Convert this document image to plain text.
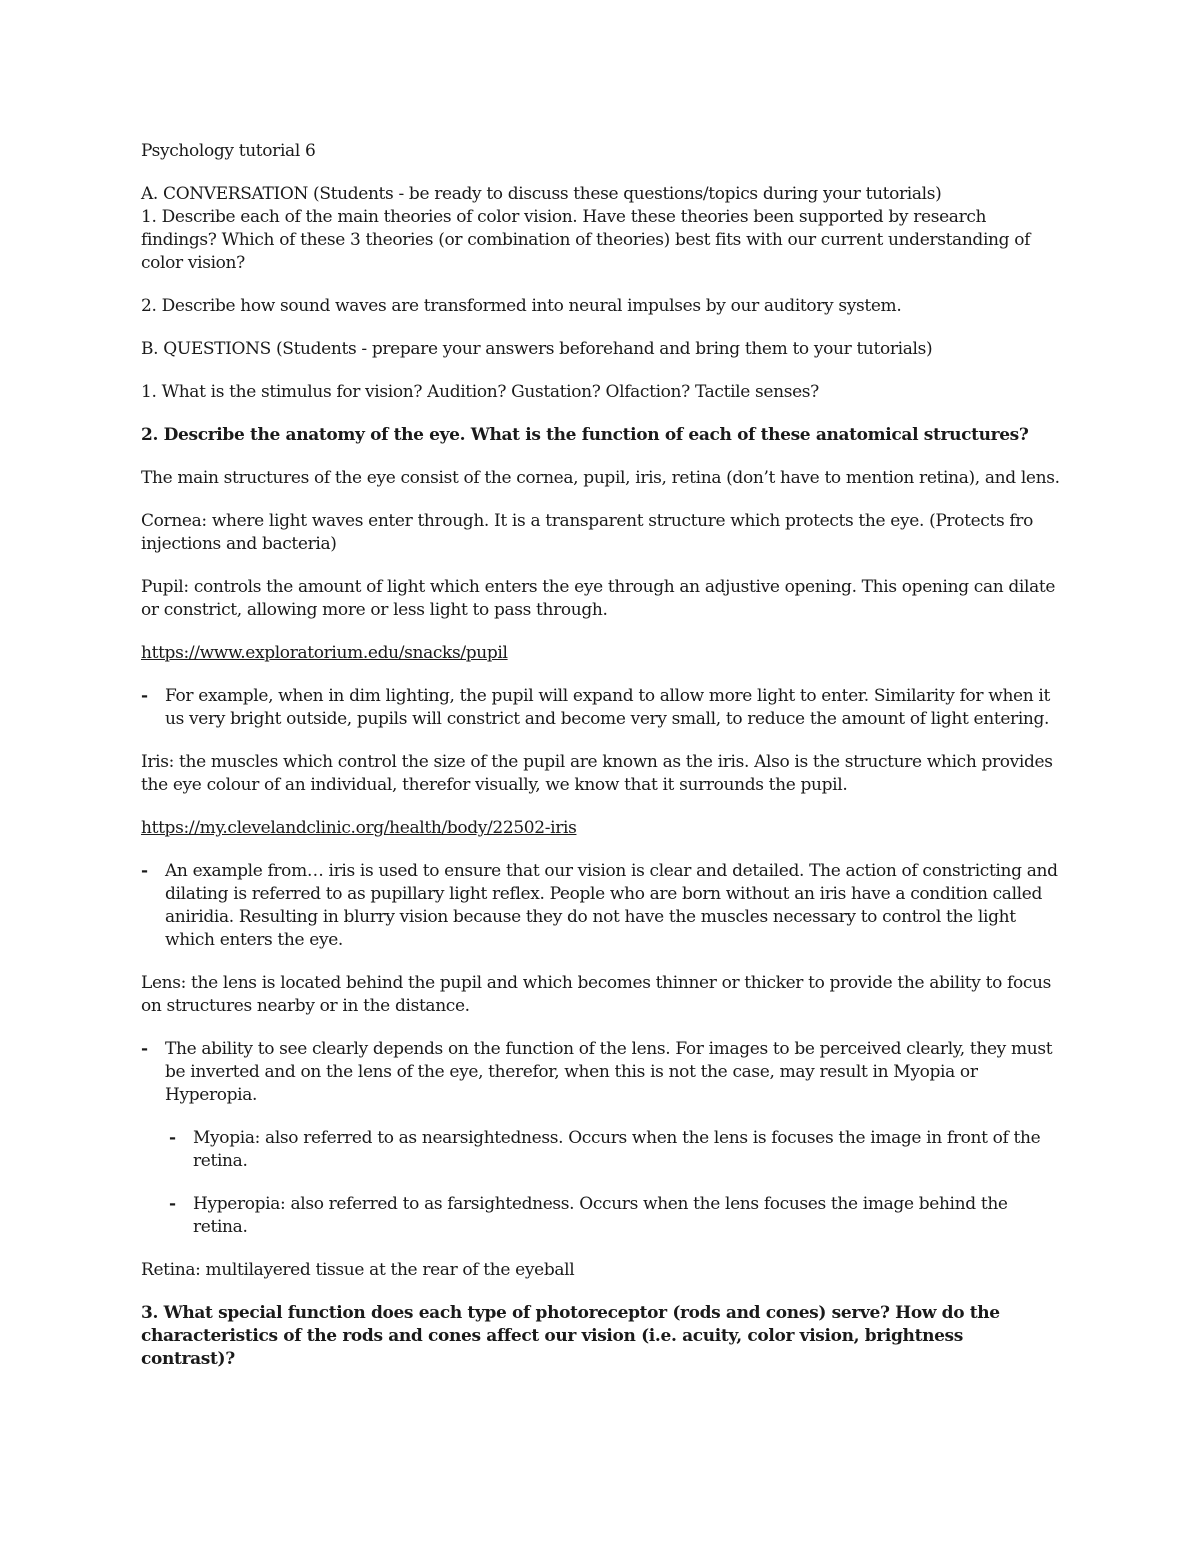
Psychology tutorial 6

A. CONVERSATION (Students - be ready to discuss these questions/topics during your tutorials)

1. Describe each of the main theories of color vision. Have these theories been supported by research findings? Which of these 3 theories (or combination of theories) best fits with our current understanding of color vision?

2. Describe how sound waves are transformed into neural impulses by our auditory system.

B. QUESTIONS (Students - prepare your answers beforehand and bring them to your tutorials)

1. What is the stimulus for vision? Audition? Gustation? Olfaction? Tactile senses?

2. Describe the anatomy of the eye. What is the function of each of these anatomical structures?

The main structures of the eye consist of the cornea, pupil, iris, retina (don’t have to mention retina), and lens.

Cornea: where light waves enter through. It is a transparent structure which protects the eye. (Protects fro injections and bacteria)

Pupil: controls the amount of light which enters the eye through an adjustive opening. This opening can dilate or constrict, allowing more or less light to pass through.

https://www.exploratorium.edu/snacks/pupil

- For example, when in dim lighting, the pupil will expand to allow more light to enter. Similarity for when it us very bright outside, pupils will constrict and become very small, to reduce the amount of light entering.

Iris: the muscles which control the size of the pupil are known as the iris. Also is the structure which provides the eye colour of an individual, therefor visually, we know that it surrounds the pupil.

https://my.clevelandclinic.org/health/body/22502-iris

- An example from… iris is used to ensure that our vision is clear and detailed. The action of constricting and dilating is referred to as pupillary light reflex. People who are born without an iris have a condition called aniridia. Resulting in blurry vision because they do not have the muscles necessary to control the light which enters the eye.

Lens: the lens is located behind the pupil and which becomes thinner or thicker to provide the ability to focus on structures nearby or in the distance.

- The ability to see clearly depends on the function of the lens. For images to be perceived clearly, they must be inverted and on the lens of the eye, therefor, when this is not the case, may result in Myopia or Hyperopia.
- Myopia: also referred to as nearsightedness. Occurs when the lens is focuses the image in front of the retina.
- Hyperopia: also referred to as farsightedness. Occurs when the lens focuses the image behind the retina.

Retina: multilayered tissue at the rear of the eyeball

3. What special function does each type of photoreceptor (rods and cones) serve? How do the characteristics of the rods and cones affect our vision (i.e. acuity, color vision, brightness contrast)?
